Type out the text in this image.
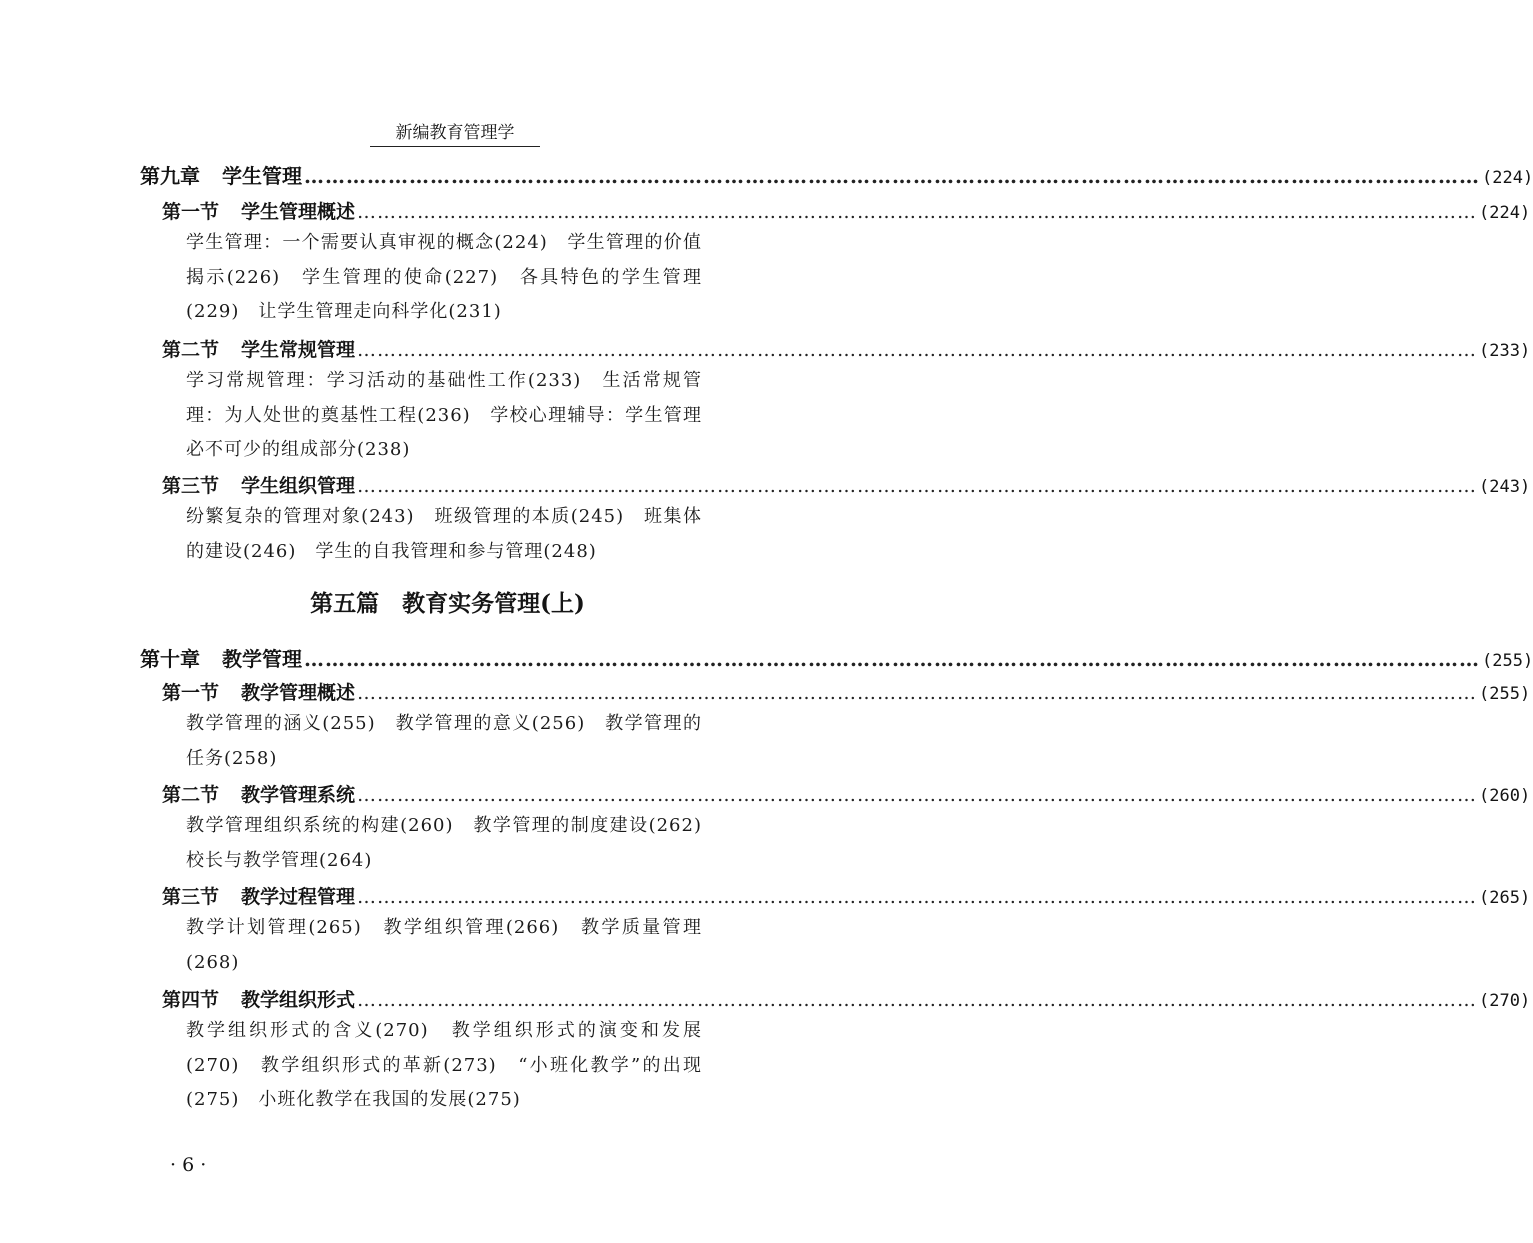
新编教育管理学
第九章 学生管理 …………………………………………………………………………………………………………………………………………………… (224)
第一节 学生管理概述 …………………………………………………………………………………………………………………………………………………… (224)
学生管理：一个需要认真审视的概念(224)　学生管理的价值揭示(226)　学生管理的使命(227)　各具特色的学生管理(229)　让学生管理走向科学化(231)
第二节 学生常规管理 …………………………………………………………………………………………………………………………………………………… (233)
学习常规管理：学习活动的基础性工作(233)　生活常规管理：为人处世的奠基性工程(236)　学校心理辅导：学生管理必不可少的组成部分(238)
第三节 学生组织管理 …………………………………………………………………………………………………………………………………………………… (243)
纷繁复杂的管理对象(243)　班级管理的本质(245)　班集体的建设(246)　学生的自我管理和参与管理(248)
第五篇　教育实务管理(上)
第十章 教学管理 …………………………………………………………………………………………………………………………………………………… (255)
第一节 教学管理概述 …………………………………………………………………………………………………………………………………………………… (255)
教学管理的涵义(255)　教学管理的意义(256)　教学管理的任务(258)
第二节 教学管理系统 …………………………………………………………………………………………………………………………………………………… (260)
教学管理组织系统的构建(260)　教学管理的制度建设(262)　校长与教学管理(264)
第三节 教学过程管理 …………………………………………………………………………………………………………………………………………………… (265)
教学计划管理(265)　教学组织管理(266)　教学质量管理(268)
第四节 教学组织形式 …………………………………………………………………………………………………………………………………………………… (270)
教学组织形式的含义(270)　教学组织形式的演变和发展(270)　教学组织形式的革新(273)　“小班化教学”的出现(275)　小班化教学在我国的发展(275)
· 6 ·
